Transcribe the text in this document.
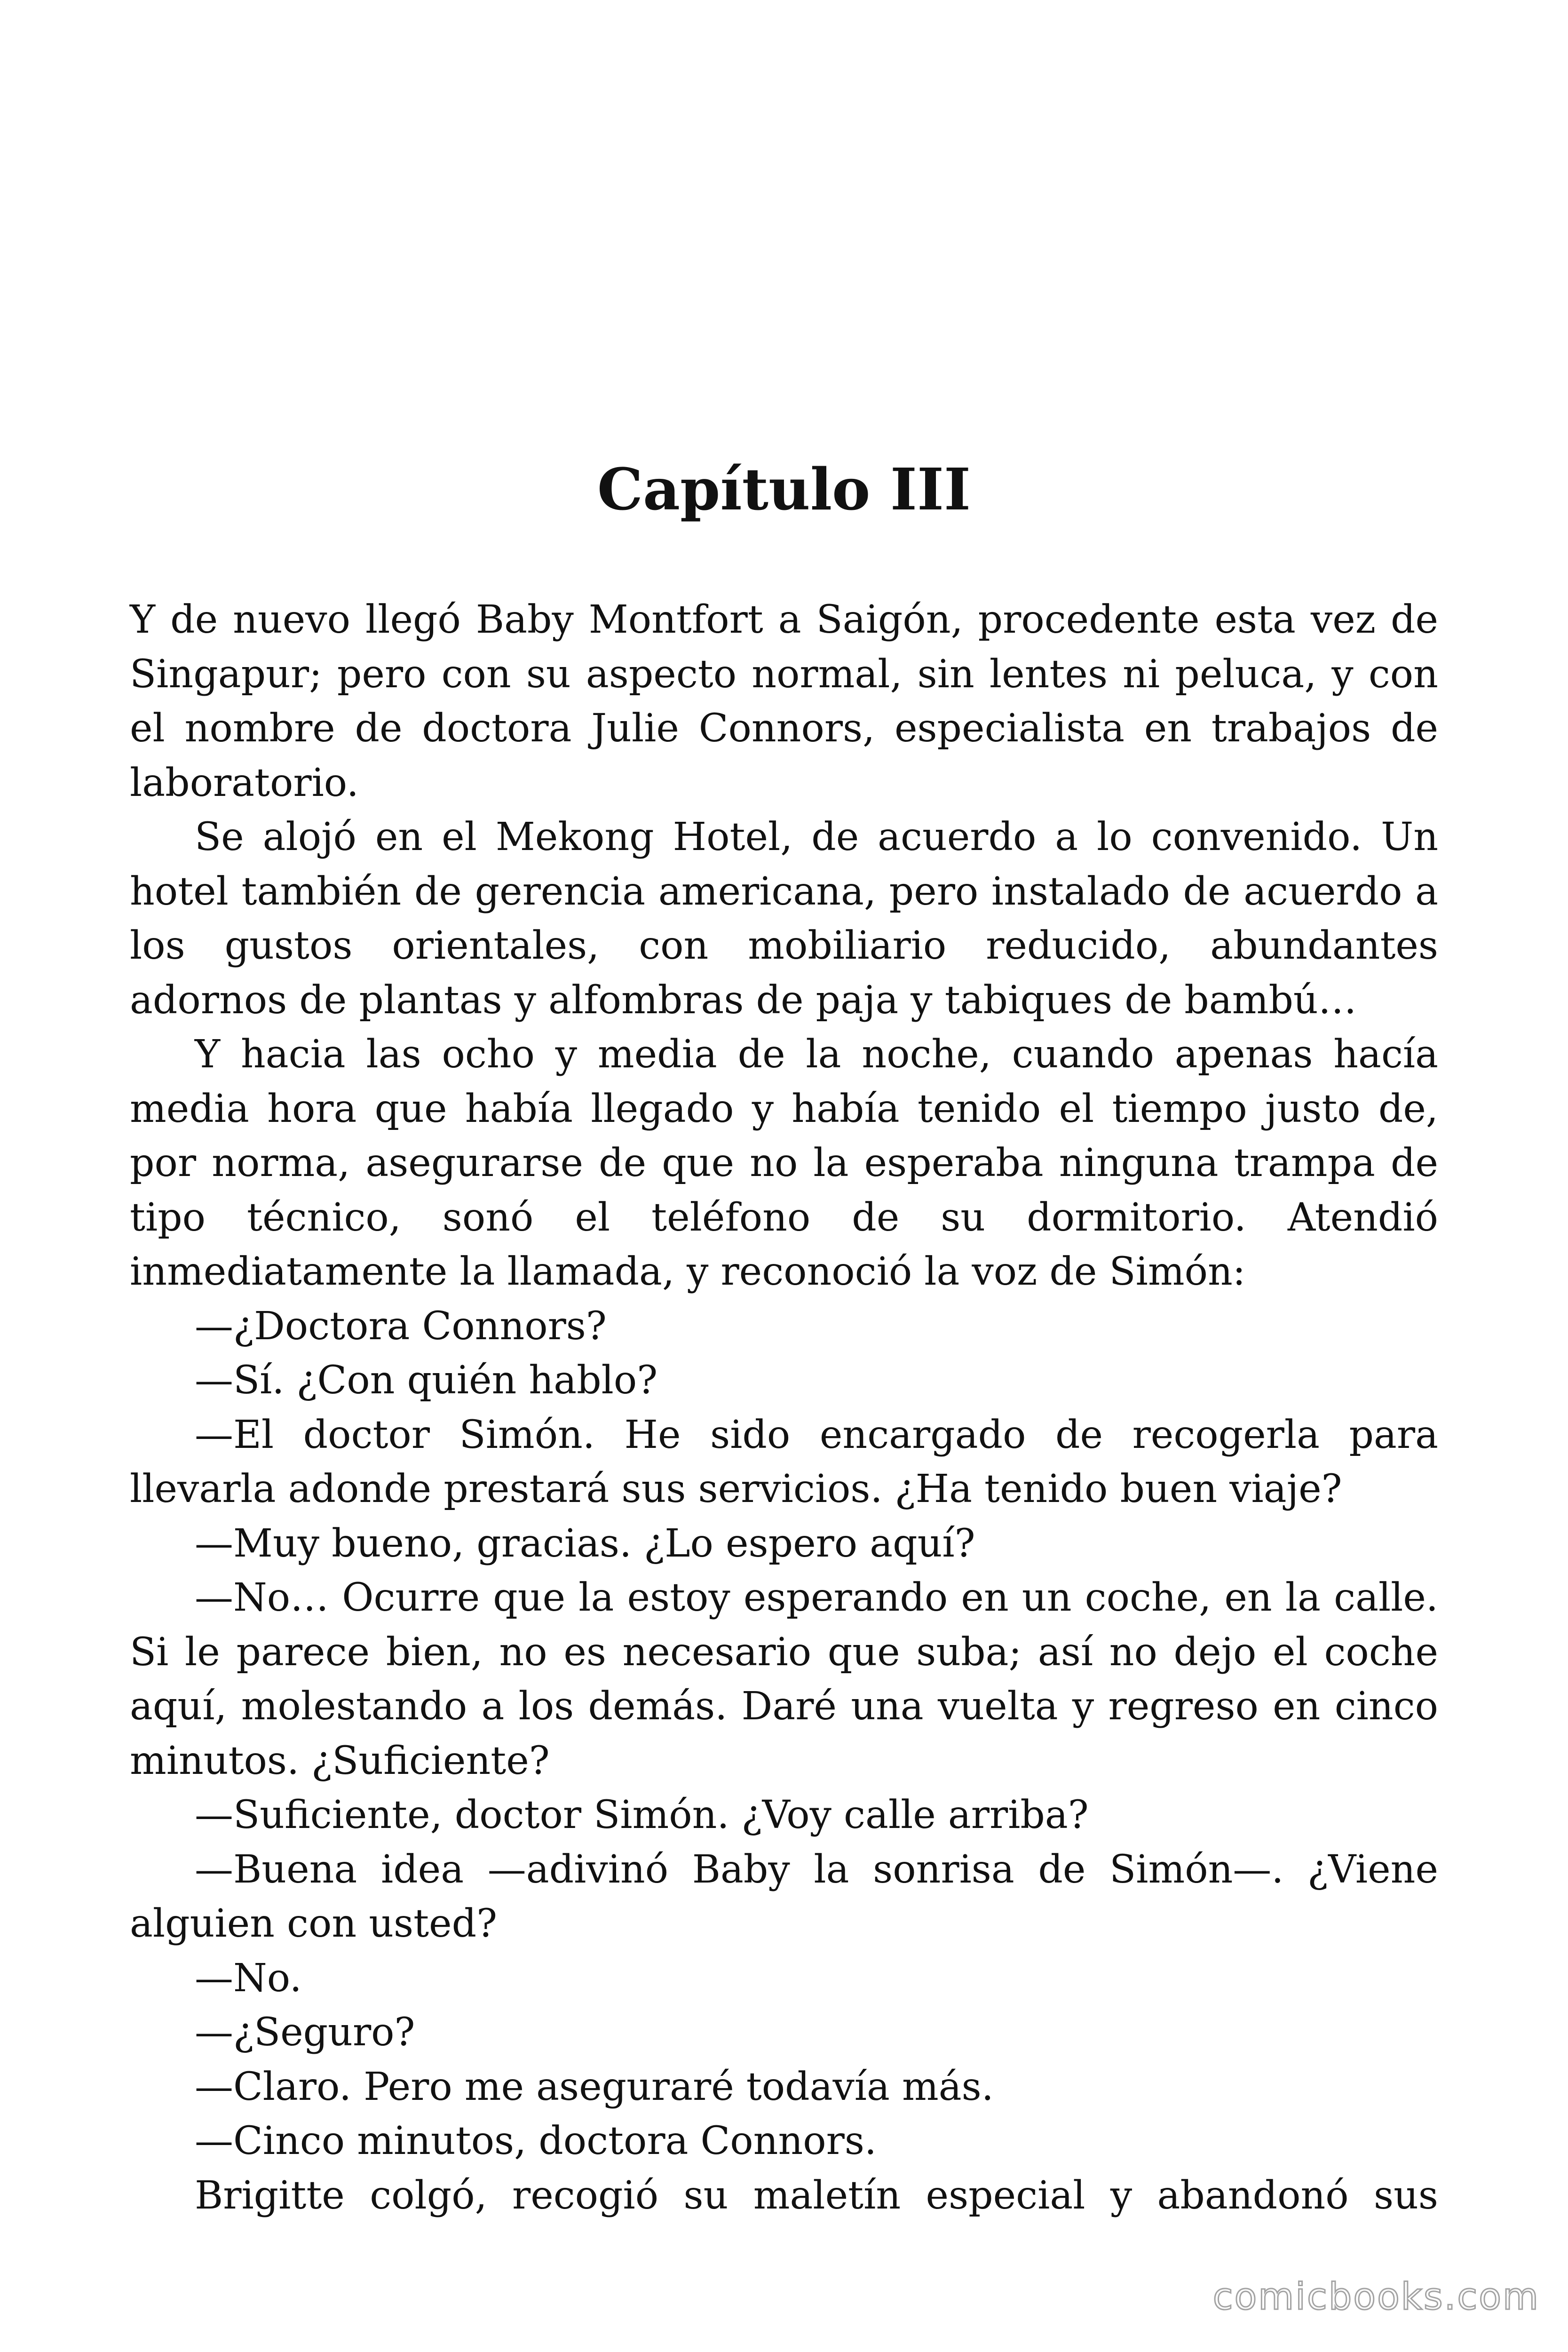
Capítulo III

Y de nuevo llegó Baby Montfort a Saigón, procedente esta vez de Singapur; pero con su aspecto normal, sin lentes ni peluca, y con el nombre de doctora Julie Connors, especialista en trabajos de laboratorio.

Se alojó en el Mekong Hotel, de acuerdo a lo convenido. Un hotel también de gerencia americana, pero instalado de acuerdo a los gustos orientales, con mobiliario reducido, abundantes adornos de plantas y alfombras de paja y tabiques de bambú…

Y hacia las ocho y media de la noche, cuando apenas hacía media hora que había llegado y había tenido el tiempo justo de, por norma, asegurarse de que no la esperaba ninguna trampa de tipo técnico, sonó el teléfono de su dormitorio. Atendió inmediatamente la llamada, y reconoció la voz de Simón:

—¿Doctora Connors?

—Sí. ¿Con quién hablo?

—El doctor Simón. He sido encargado de recogerla para llevarla adonde prestará sus servicios. ¿Ha tenido buen viaje?

—Muy bueno, gracias. ¿Lo espero aquí?

—No… Ocurre que la estoy esperando en un coche, en la calle. Si le parece bien, no es necesario que suba; así no dejo el coche aquí, molestando a los demás. Daré una vuelta y regreso en cinco minutos. ¿Suficiente?

—Suficiente, doctor Simón. ¿Voy calle arriba?

—Buena idea —adivinó Baby la sonrisa de Simón—. ¿Viene alguien con usted?

—No.

—¿Seguro?

—Claro. Pero me aseguraré todavía más.

—Cinco minutos, doctora Connors.

Brigitte colgó, recogió su maletín especial y abandonó sus

comicbooks.com
